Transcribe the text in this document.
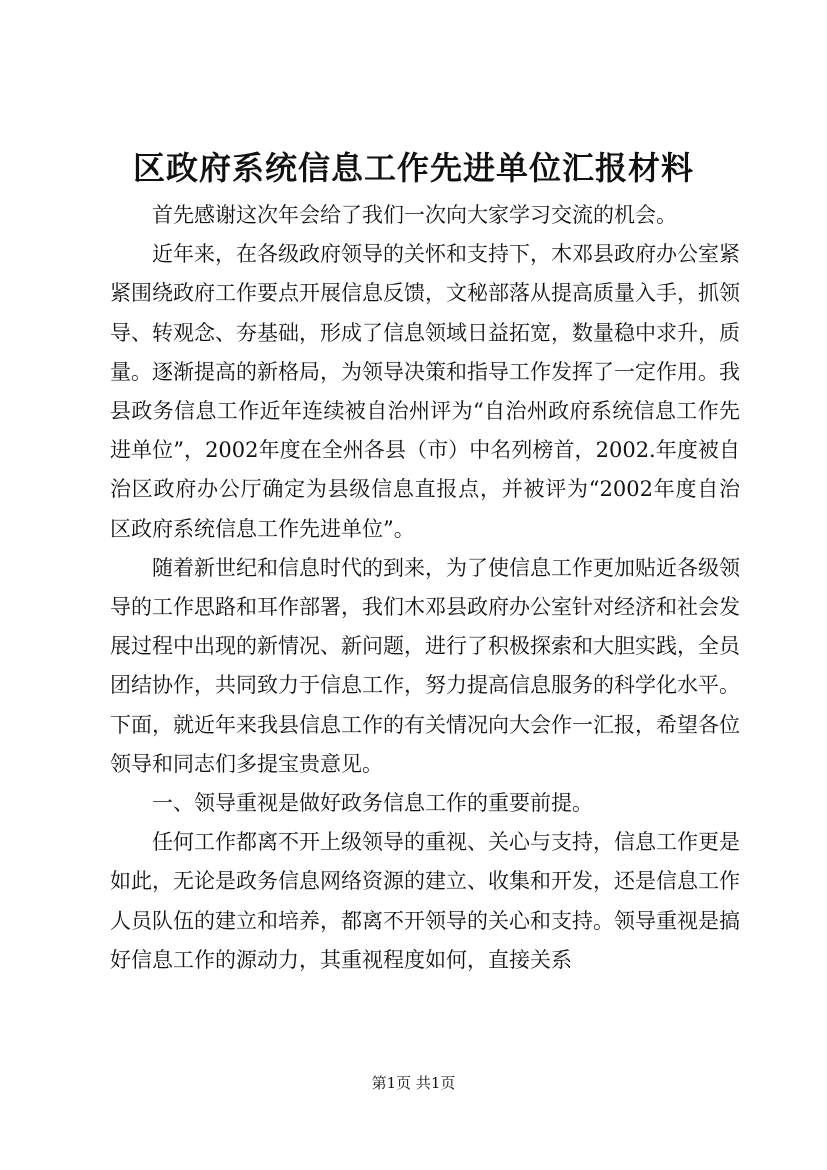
区政府系统信息工作先进单位汇报材料

首先感谢这次年会给了我们一次向大家学习交流的机会。

近年来，在各级政府领导的关怀和支持下，木邓县政府办公室紧紧围绕政府工作要点开展信息反馈，文秘部落从提高质量入手，抓领导、转观念、夯基础，形成了信息领域日益拓宽，数量稳中求升，质量。逐渐提高的新格局，为领导决策和指导工作发挥了一定作用。我县政务信息工作近年连续被自治州评为“自治州政府系统信息工作先进单位”，2002年度在全州各县（市）中名列榜首，2002.年度被自治区政府办公厅确定为县级信息直报点，并被评为“2002年度自治区政府系统信息工作先进单位”。

随着新世纪和信息时代的到来，为了使信息工作更加贴近各级领导的工作思路和耳作部署，我们木邓县政府办公室针对经济和社会发展过程中出现的新情况、新问题，进行了积极探索和大胆实践，全员团结协作，共同致力于信息工作，努力提高信息服务的科学化水平。下面，就近年来我县信息工作的有关情况向大会作一汇报，希望各位领导和同志们多提宝贵意见。

一、领导重视是做好政务信息工作的重要前提。

任何工作都离不开上级领导的重视、关心与支持，信息工作更是如此，无论是政务信息网络资源的建立、收集和开发，还是信息工作人员队伍的建立和培养，都离不开领导的关心和支持。领导重视是搞好信息工作的源动力，其重视程度如何，直接关系

第1页 共1页
